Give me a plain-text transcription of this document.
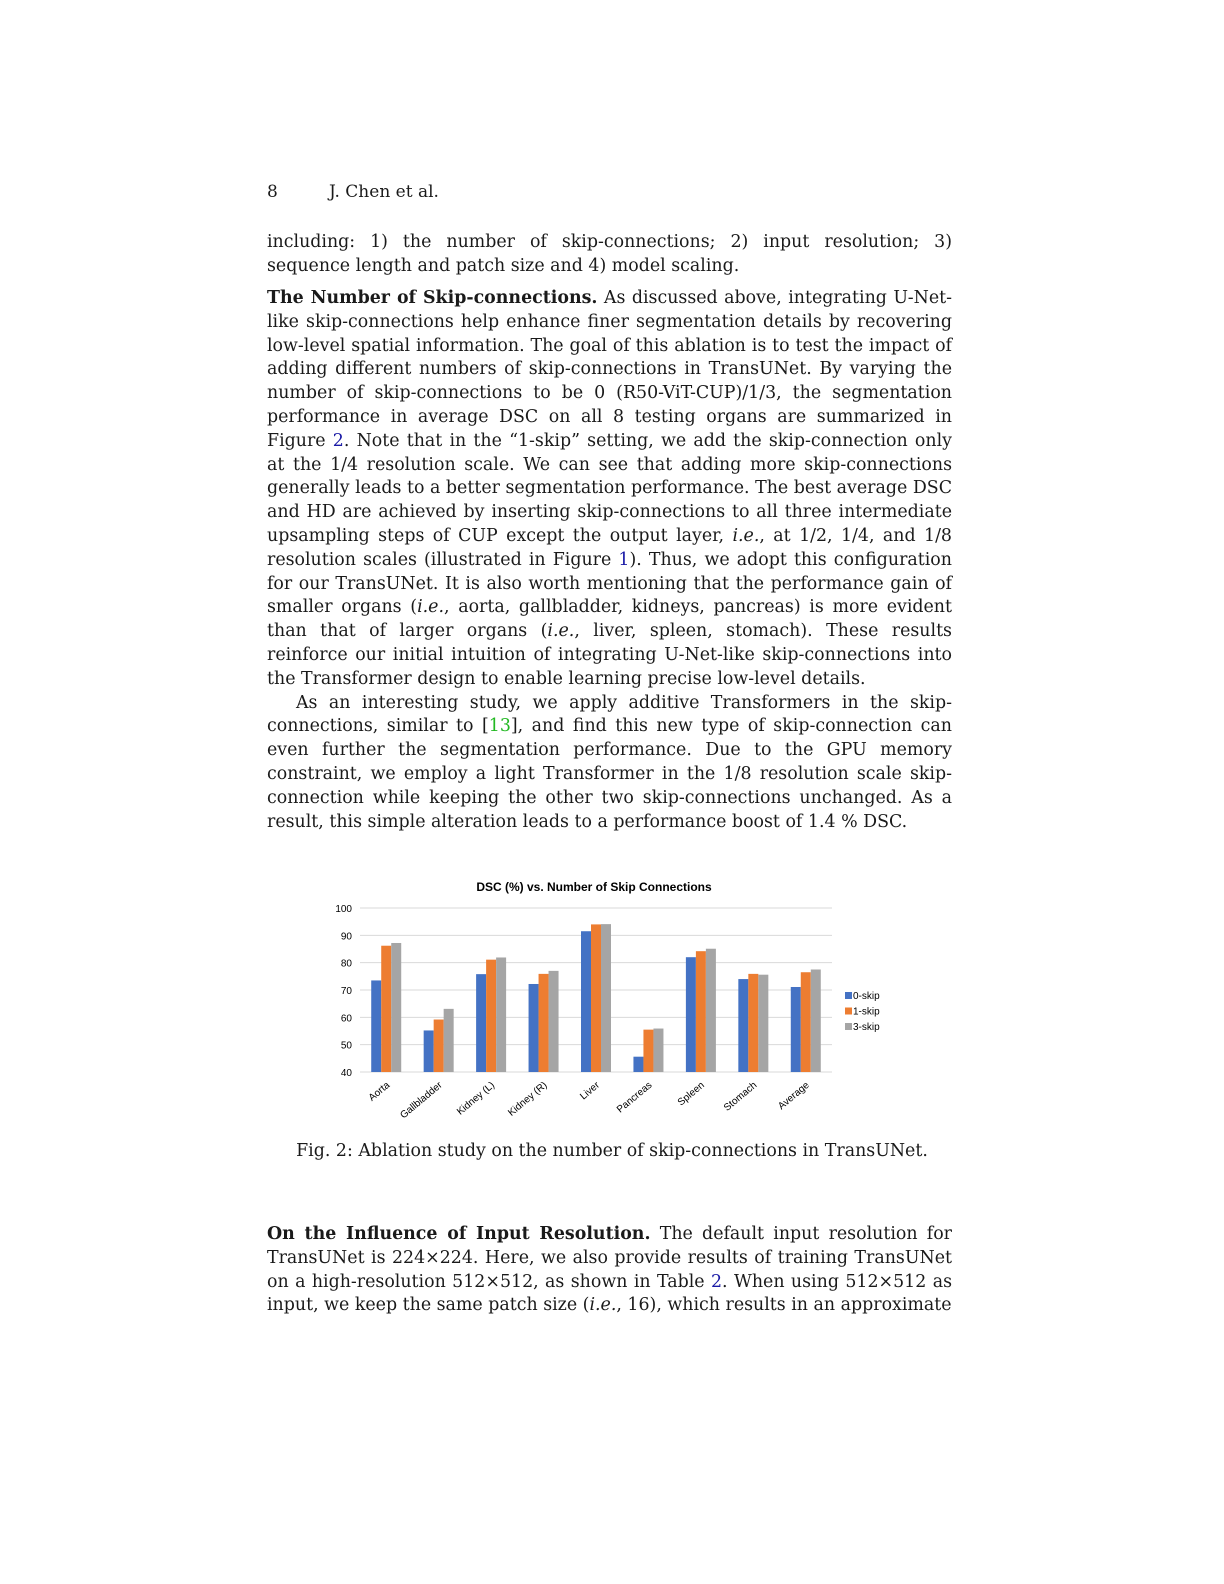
8	J. Chen et al.

including: 1) the number of skip-connections; 2) input resolution; 3) sequence length and patch size and 4) model scaling.

The Number of Skip-connections. As discussed above, integrating U-Net-like skip-connections help enhance finer segmentation details by recovering low-level spatial information. The goal of this ablation is to test the impact of adding different numbers of skip-connections in TransUNet. By varying the number of skip-connections to be 0 (R50-ViT-CUP)/1/3, the segmentation performance in average DSC on all 8 testing organs are summarized in Figure 2. Note that in the “1-skip” setting, we add the skip-connection only at the 1/4 resolution scale. We can see that adding more skip-connections generally leads to a better segmentation performance. The best average DSC and HD are achieved by inserting skip-connections to all three intermediate upsampling steps of CUP except the output layer, i.e., at 1/2, 1/4, and 1/8 resolution scales (illustrated in Figure 1). Thus, we adopt this configuration for our TransUNet. It is also worth mentioning that the performance gain of smaller organs (i.e., aorta, gallbladder, kidneys, pancreas) is more evident than that of larger organs (i.e., liver, spleen, stomach). These results reinforce our initial intuition of integrating U-Net-like skip-connections into the Transformer design to enable learning precise low-level details.

As an interesting study, we apply additive Transformers in the skip-connections, similar to [13], and find this new type of skip-connection can even further the segmentation performance. Due to the GPU memory constraint, we employ a light Transformer in the 1/8 resolution scale skip-connection while keeping the other two skip-connections unchanged. As a result, this simple alteration leads to a performance boost of 1.4 % DSC.

DSC (%) vs. Number of Skip Connections
100
90
80
70
60
50
40
Aorta Gallbladder Kidney (L) Kidney (R)	Liver Pancreas Spleen Stomach Average
0-skip
1-skip
3-skip
Fig. 2: Ablation study on the number of skip-connections in TransUNet.

On the Influence of Input Resolution. The default input resolution for TransUNet is 224×224. Here, we also provide results of training TransUNet on a high-resolution 512×512, as shown in Table 2. When using 512×512 as input, we keep the same patch size (i.e., 16), which results in an approximate
